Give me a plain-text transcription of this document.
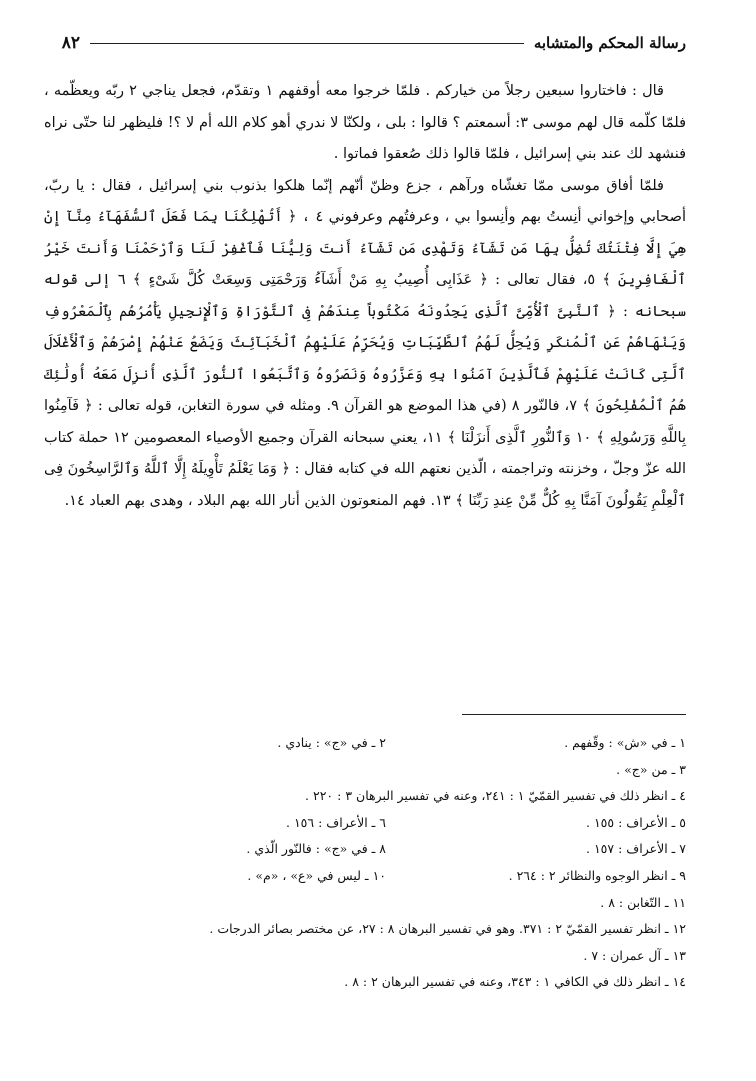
٨٢	رسالة المحكم والمتشابه

قال : فاختاروا سبعين رجلاً من خياركم . فلمّا خرجوا معه أوقفهم ١ وتقدّم، فجعل يناجي ٢ ربّه ويعظّمه ، فلمّا كلّمه قال لهم موسى ٣: أسمعتم ؟ قالوا : بلى ، ولكنّا لا ندري أهو كلام الله أم لا ؟! فليظهر لنا حتّى نراه فنشهد لك عند بني إسرائيل ، فلمّا قالوا ذلك صُعقوا فماتوا .

فلمّا أفاق موسى ممّا تغشّاه ورآهم ، جزع وظنّ أنّهم إنّما هلكوا بذنوب بني إسرائيل ، فقال : يا ربّ، أصحابي وإخواني أنِستُ بهم وأنِسوا بي ، وعرفتُهم وعرفوني ٤ ، ﴿ أَتُهْلِكُنَا بِمَا فَعَلَ ٱلسُّفَهَآءُ مِنَّآ إِنْ هِيَ إِلَّا فِتْنَتُكَ تُضِلُّ بِهَا مَن تَشَآءُ وَتَهْدِى مَن تَشَآءُ أَنتَ وَلِيُّنَا فَٱغْفِرْ لَنَا وَٱرْحَمْنَا وَأَنتَ خَيْرُ ٱلْغَافِرِينَ ﴾ ٥، فقال تعالى : ﴿ عَذَابِى أُصِيبُ بِهِ مَنْ أَشَآءُ وَرَحْمَتِى وَسِعَتْ كُلَّ شَىْءٍ ﴾ ٦ إلى قوله سبحانه : ﴿ ٱلنَّبِىَّ ٱلْأُمِّىَّ ٱلَّذِى يَجِدُونَهُ مَكْتُوباً عِندَهُمْ فِى ٱلتَّوْرَاةِ وَٱلْإِنجِيلِ يَأْمُرُهُم بِٱلْمَعْرُوفِ وَيَنْهَاهُمْ عَنِ ٱلْمُنكَرِ وَيُحِلُّ لَهُمُ ٱلطَّيِّبَاتِ وَيُحَرِّمُ عَلَيْهِمُ ٱلْخَبَآئِثَ وَيَضَعُ عَنْهُمْ إِصْرَهُمْ وَٱلْأَغْلَالَ ٱلَّتِى كَانَتْ عَلَيْهِمْ فَٱلَّذِينَ آمَنُوا بِهِ وَعَزَّرُوهُ وَنَصَرُوهُ وَٱتَّبَعُوا ٱلنُّورَ ٱلَّذِى أُنزِلَ مَعَهُ أُولَٰئِكَ هُمُ ٱلْمُفْلِحُونَ ﴾ ٧، فالنّور ٨ (في هذا الموضع هو القرآن ٩. ومثله في سورة التغابن، قوله تعالى : ﴿ فَآمِنُوا بِاللَّهِ وَرَسُولِهِ ﴾ ١٠ وَٱلنُّورِ ٱلَّذِى أَنزَلْنَا ﴾ ١١، يعني سبحانه القرآن وجميع الأوصياء المعصومين ١٢ حملة كتاب الله عزّ وجلّ ، وخزنته وتراجمته ، الّذين نعتهم الله في كتابه فقال : ﴿ وَمَا يَعْلَمُ تَأْوِيلَهُ إِلَّا ٱللَّهُ وَٱلرَّاسِخُونَ فِى ٱلْعِلْمِ يَقُولُونَ آمَنَّا بِهِ كُلٌّ مِّنْ عِندِ رَبِّنَا ﴾ ١٣. فهم المنعوتون الذين أنار الله بهم البلاد ، وهدى بهم العباد ١٤.

١ ـ في «ش» : وقّفهم .
٢ ـ في «ج» : ينادي .
٣ ـ من «ج» .
٤ ـ انظر ذلك في تفسير القمّيّ ١ : ٢٤١، وعنه في تفسير البرهان ٣ : ٢٢٠ .
٥ ـ الأعراف : ١٥٥ .
٦ ـ الأعراف : ١٥٦ .
٧ ـ الأعراف : ١٥٧ .
٨ ـ في «ج» : فالنّور الّذي .
٩ ـ انظر الوجوه والنظائر ٢ : ٢٦٤ .
١٠ ـ ليس في «ع» ، «م» .
١١ ـ التّغابن : ٨ .
١٢ ـ انظر تفسير القمّيّ ٢ : ٣٧١. وهو في تفسير البرهان ٨ : ٢٧، عن مختصر بصائر الدرجات .
١٣ ـ آل عمران : ٧ .
١٤ ـ انظر ذلك في الكافي ١ : ٣٤٣، وعنه في تفسير البرهان ٢ : ٨ .
